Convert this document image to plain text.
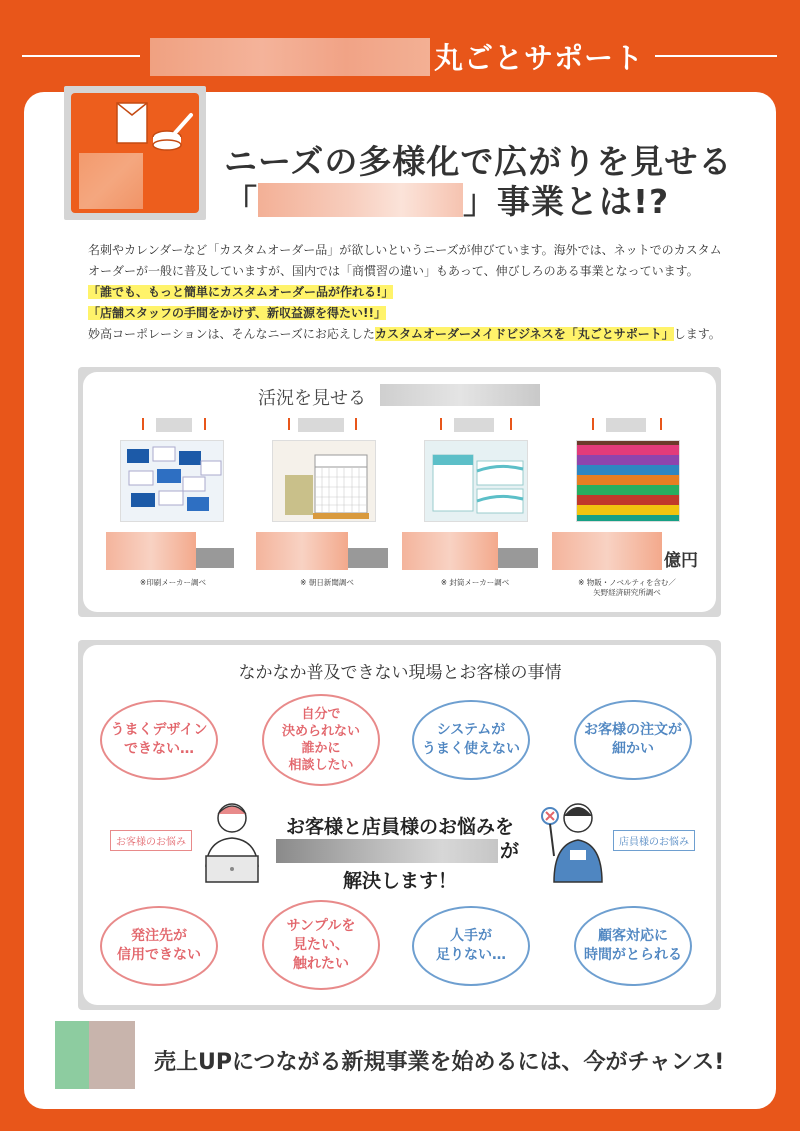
丸ごとサポート
ニーズの多様化で広がりを見せる
「	」事業とは!?

名刺やカレンダーなど「カスタムオーダー品」が欲しいというニーズが伸びています。海外では、ネットでのカスタム

オーダーが一般に普及していますが、国内では「商慣習の違い」もあって、伸びしろのある事業となっています。

「誰でも、もっと簡単にカスタムオーダー品が作れる!」

「店舗スタッフの手間をかけず、新収益源を得たい!!」

妙高コーポレーションは、そんなニーズにお応えしたカスタムオーダーメイドビジネスを「丸ごとサポート」します。

活況を見せる
※印刷メーカー調べ	※ 朝日新聞調べ	※ 封筒メーカー調べ
億円
※ 物販・ノベルティを含む／
矢野経済研究所調べ
なかなか普及できない現場とお客様の事情
うまくデザイン
できない…
自分で
決められない
誰かに
相談したい
システムが
うまく使えない
お客様の注文が
細かい
お客様のお悩み	店員様のお悩み
お客様と店員様のお悩みを
が
解決します！
発注先が
信用できない
サンプルを
見たい、
触れたい
人手が
足りない…
顧客対応に
時間がとられる
売上UPにつながる新規事業を始めるには、今がチャンス!
